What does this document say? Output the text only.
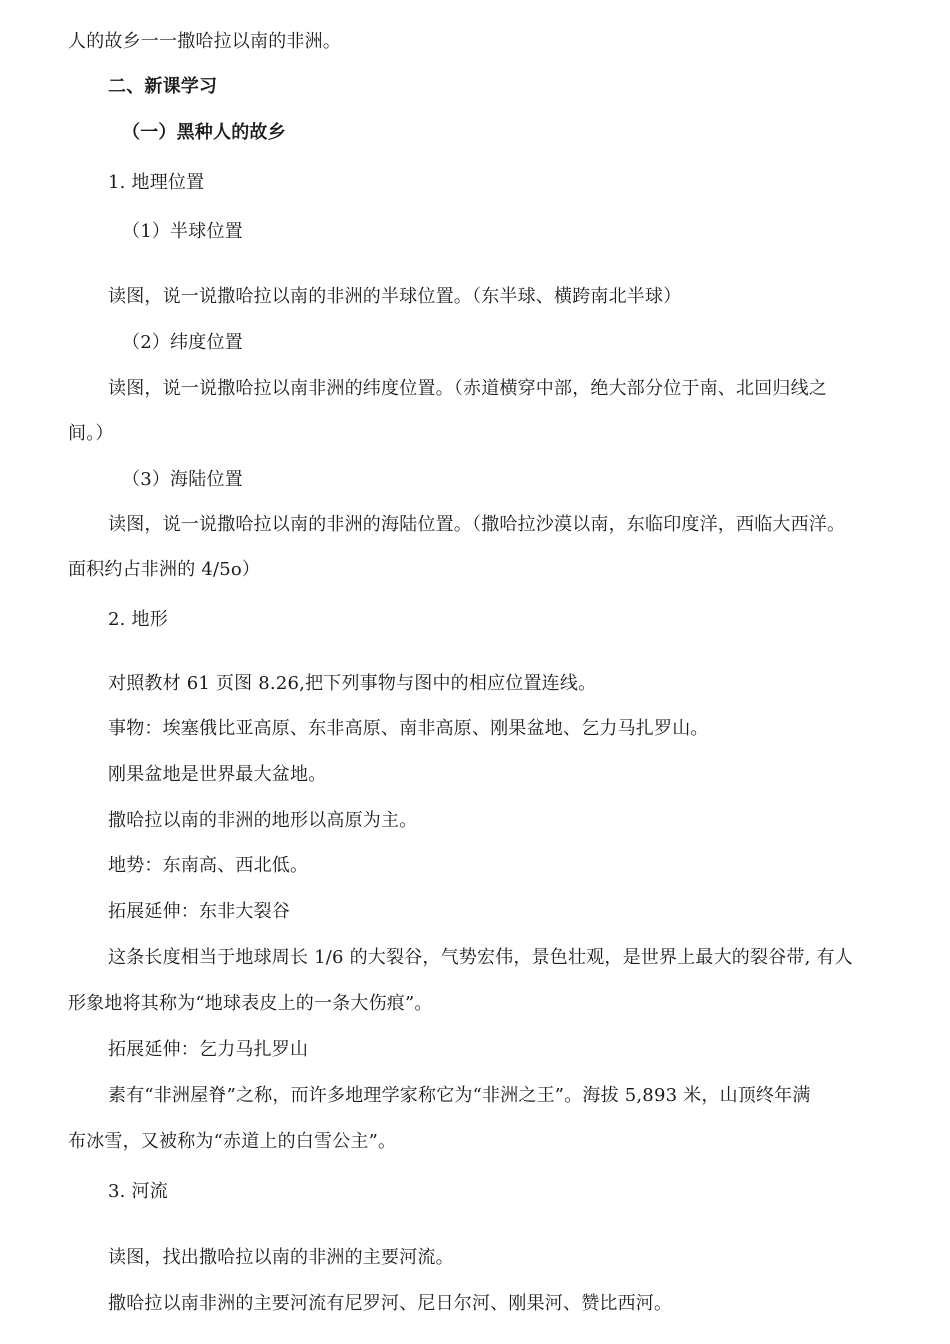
人的故乡一一撒哈拉以南的非洲。
二、新课学习
（一）黑种人的故乡
1. 地理位置
（1）半球位置
读图，说一说撒哈拉以南的非洲的半球位置。（东半球、横跨南北半球）
（2）纬度位置
读图，说一说撒哈拉以南非洲的纬度位置。（赤道横穿中部，绝大部分位于南、北回归线之
间。）
（3）海陆位置
读图，说一说撒哈拉以南的非洲的海陆位置。（撒哈拉沙漠以南，东临印度洋，西临大西洋。
面积约占非洲的 4/5o）
2. 地形
对照教材 61 页图 8.26,把下列事物与图中的相应位置连线。
事物：埃塞俄比亚高原、东非高原、南非高原、刚果盆地、乞力马扎罗山。
刚果盆地是世界最大盆地。
撒哈拉以南的非洲的地形以高原为主。
地势：东南高、西北低。
拓展延伸：东非大裂谷
这条长度相当于地球周长 1/6 的大裂谷，气势宏伟，景色壮观，是世界上最大的裂谷带, 有人
形象地将其称为“地球表皮上的一条大伤痕”。
拓展延伸：乞力马扎罗山
素有“非洲屋脊”之称，而许多地理学家称它为“非洲之王”。海拔 5,893 米，山顶终年满
布冰雪，又被称为“赤道上的白雪公主”。
3. 河流
读图，找出撒哈拉以南的非洲的主要河流。
撒哈拉以南非洲的主要河流有尼罗河、尼日尔河、刚果河、赞比西河。
